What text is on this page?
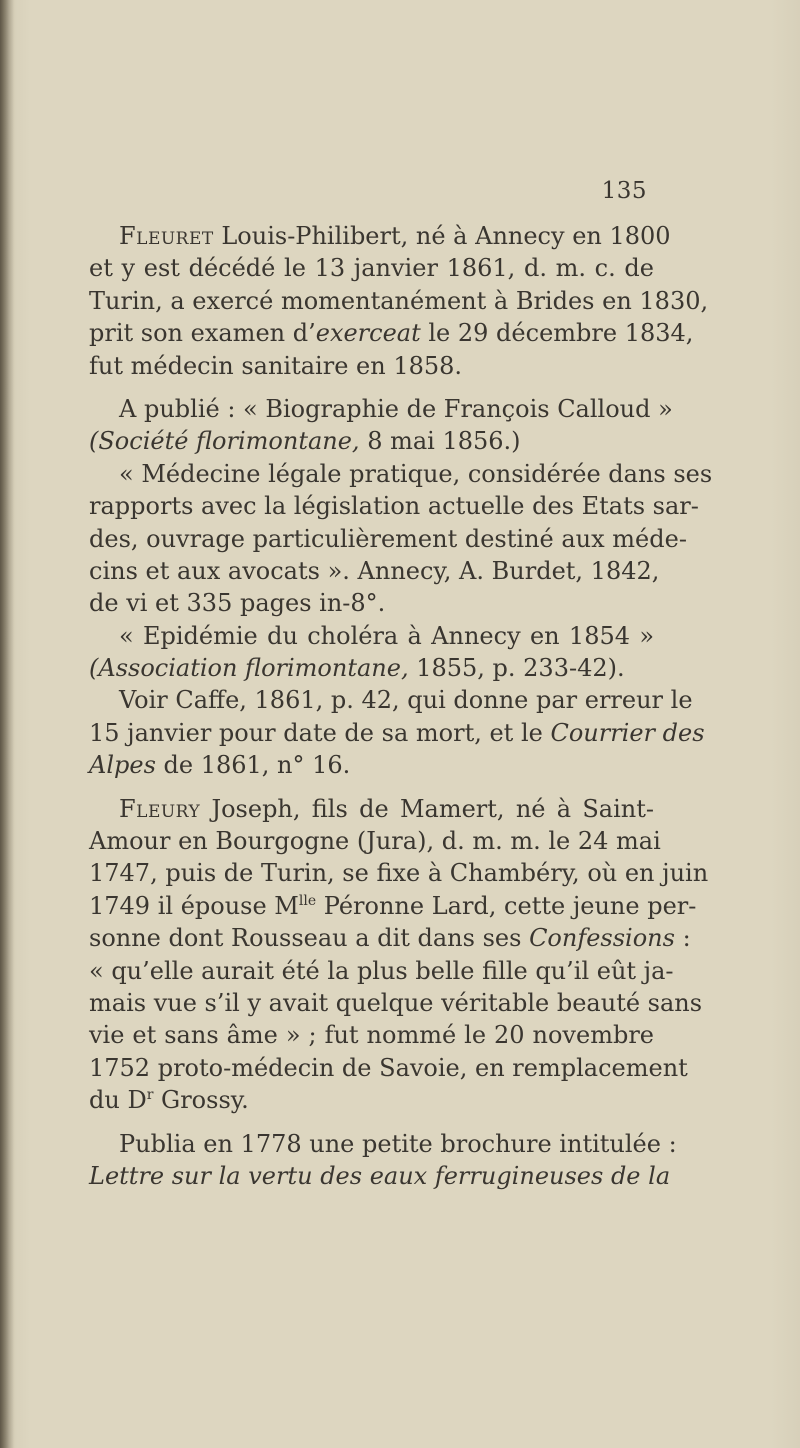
135
Fleuret Louis-Philibert, né à Annecy en 1800
et y est décédé le 13 janvier 1861, d. m. c. de
Turin, a exercé momentanément à Brides en 1830,
prit son examen d’exerceat le 29 décembre 1834,
fut médecin sanitaire en 1858.
A publié : « Biographie de François Calloud »
(Société florimontane, 8 mai 1856.)
« Médecine légale pratique, considérée dans ses
rapports avec la législation actuelle des Etats sar-
des, ouvrage particulièrement destiné aux méde-
cins et aux avocats ». Annecy, A. Burdet, 1842,
de vi et 335 pages in-8°.
« Epidémie du choléra à Annecy en 1854 »
(Association florimontane, 1855, p. 233-42).
Voir Caffe, 1861, p. 42, qui donne par erreur le
15 janvier pour date de sa mort, et le Courrier des
Alpes de 1861, n° 16.
Fleury Joseph, fils de Mamert, né à Saint-
Amour en Bourgogne (Jura), d. m. m. le 24 mai
1747, puis de Turin, se fixe à Chambéry, où en juin
1749 il épouse $M^{lle}$ Péronne Lard, cette jeune per-
sonne dont Rousseau a dit dans ses Confessions :
« qu’elle aurait été la plus belle fille qu’il eût ja-
mais vue s’il y avait quelque véritable beauté sans
vie et sans âme » ; fut nommé le 20 novembre
1752 proto-médecin de Savoie, en remplacement
du $D^r$ Grossy.
Publia en 1778 une petite brochure intitulée :
Lettre sur la vertu des eaux ferrugineuses de la
